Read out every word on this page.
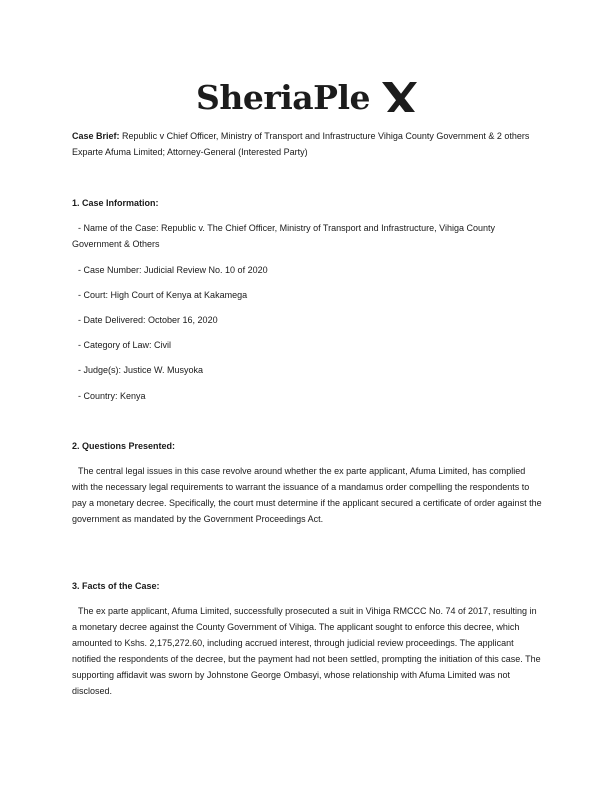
SheriaPle

Case Brief: Republic v Chief Officer, Ministry of Transport and Infrastructure Vihiga County Government & 2 others Exparte Afuma Limited; Attorney-General (Interested Party)

1. Case Information:

- Name of the Case: Republic v. The Chief Officer, Ministry of Transport and Infrastructure, Vihiga County Government & Others

- Case Number: Judicial Review No. 10 of 2020

- Court: High Court of Kenya at Kakamega

- Date Delivered: October 16, 2020

- Category of Law: Civil

- Judge(s): Justice W. Musyoka

- Country: Kenya

2. Questions Presented:

The central legal issues in this case revolve around whether the ex parte applicant, Afuma Limited, has complied with the necessary legal requirements to warrant the issuance of a mandamus order compelling the respondents to pay a monetary decree. Specifically, the court must determine if the applicant secured a certificate of order against the government as mandated by the Government Proceedings Act.

3. Facts of the Case:

The ex parte applicant, Afuma Limited, successfully prosecuted a suit in Vihiga RMCCC No. 74 of 2017, resulting in a monetary decree against the County Government of Vihiga. The applicant sought to enforce this decree, which amounted to Kshs. 2,175,272.60, including accrued interest, through judicial review proceedings. The applicant notified the respondents of the decree, but the payment had not been settled, prompting the initiation of this case. The supporting affidavit was sworn by Johnstone George Ombasyi, whose relationship with Afuma Limited was not disclosed.
